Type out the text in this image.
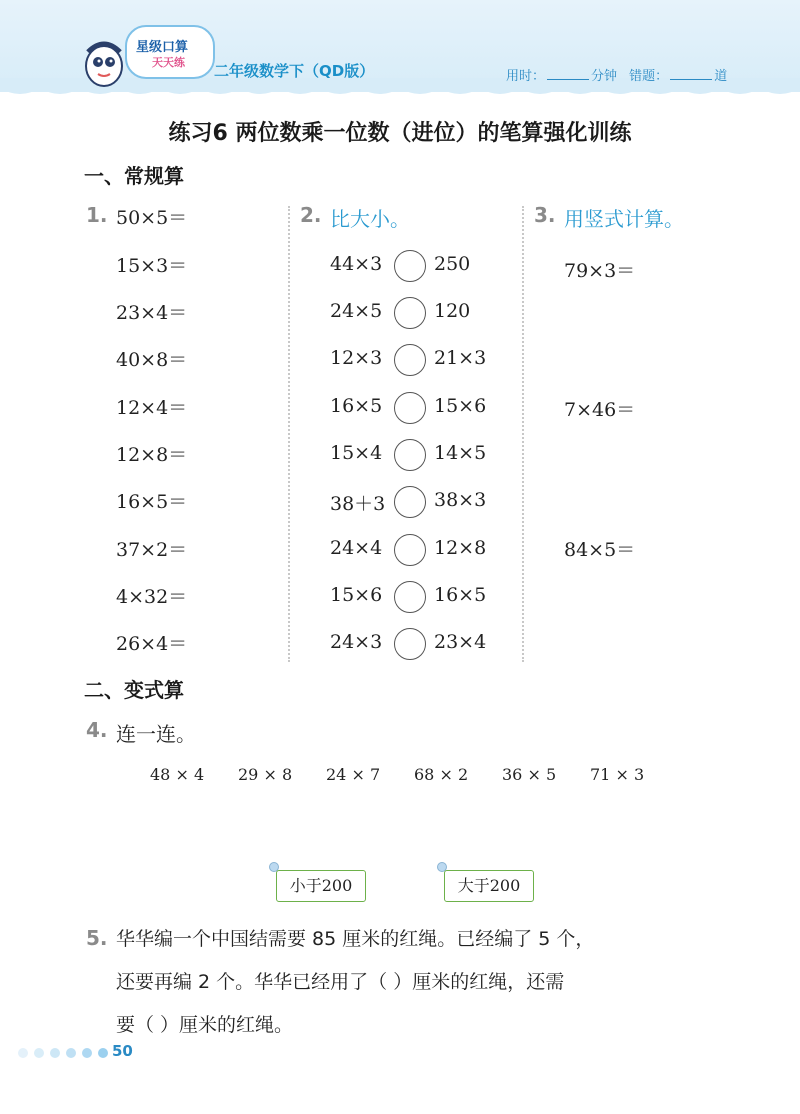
星级口算
天天练 二年级数学下（QD版）	用时：	分钟 错题：	道
练习6 两位数乘一位数（进位）的笔算强化训练
一、常规算
1. 50×5＝
15×3＝
23×4＝
40×8＝
12×4＝
12×8＝
16×5＝
37×2＝
4×32＝
26×4＝
2. 比大小。
44×3	250
24×5	120
12×3	21×3
16×5	15×6
15×4	14×5
38＋3	38×3
24×4	12×8
15×6	16×5
24×3	23×4
3. 用竖式计算。
79×3＝
7×46＝
84×5＝
二、变式算
4. 连一连。
48 × 4 29 × 8 24 × 7 68 × 2 36 × 5 71 × 3
小于200	大于200
5. 华华编一个中国结需要 85 厘米的红绳。已经编了 5 个，
还要再编 2 个。华华已经用了（ ）厘米的红绳，还需
要（ ）厘米的红绳。
50
